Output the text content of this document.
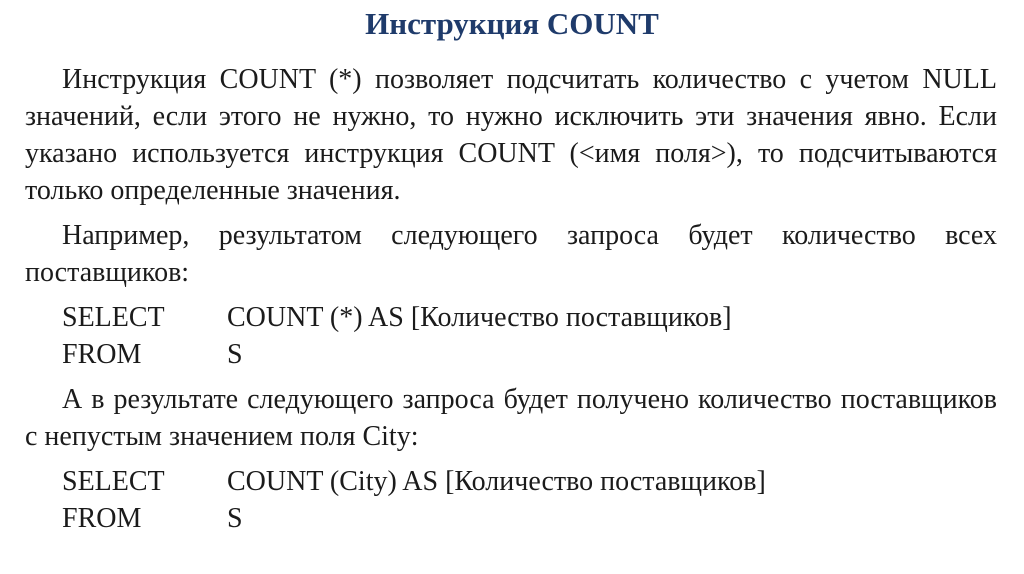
Инструкция COUNT

Инструкция COUNT (*) позволяет подсчитать количество с учетом NULL значений, если этого не нужно, то нужно исключить эти значения явно. Если указано используется инструкция COUNT (<имя поля>), то подсчитываются только определенные значения.

Например, результатом следующего запроса будет количество всех поставщиков:

SELECT	COUNT (*) AS [Количество поставщиков]
FROM	S

А в результате следующего запроса будет получено количество поставщиков с непустым значением поля City:

SELECT	COUNT (City) AS [Количество поставщиков]
FROM	S
